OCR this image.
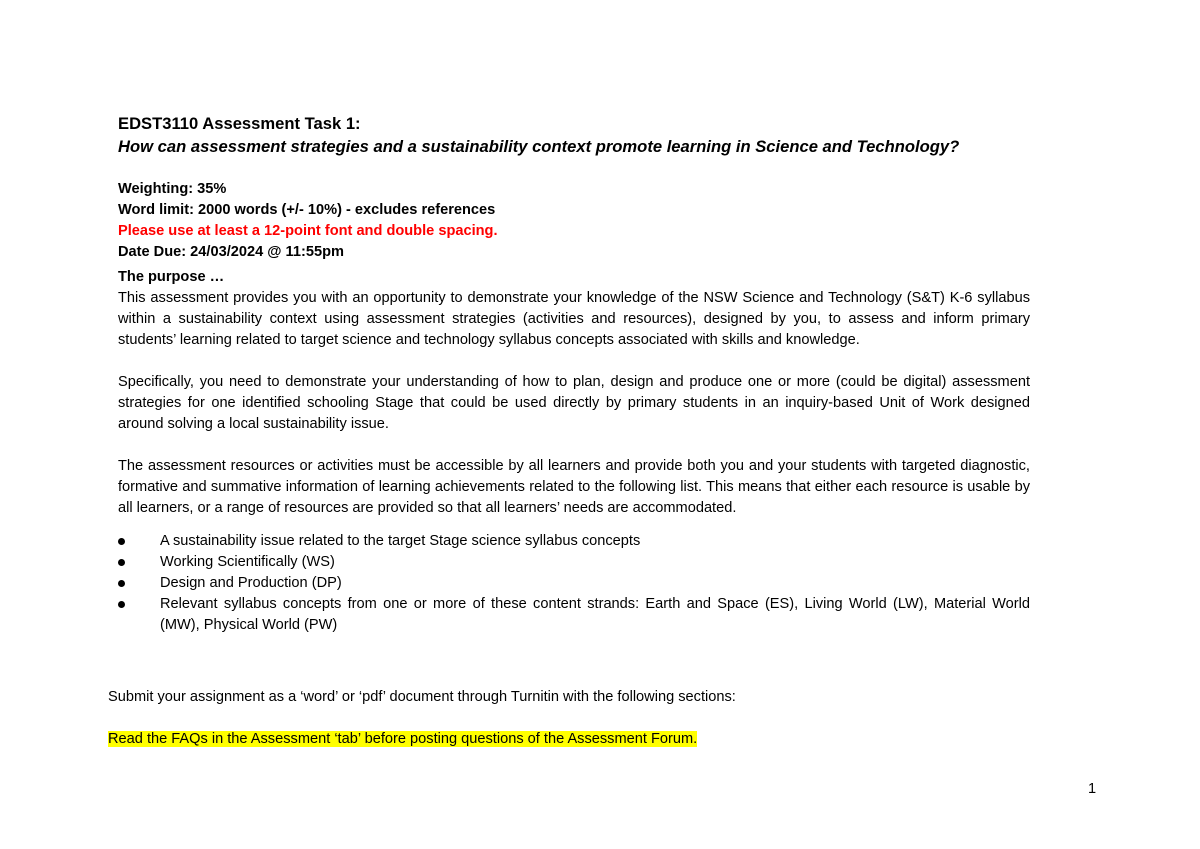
EDST3110 Assessment Task 1:
How can assessment strategies and a sustainability context promote learning in Science and Technology?
Weighting: 35%
Word limit: 2000 words (+/- 10%) - excludes references
Please use at least a 12-point font and double spacing.
Date Due: 24/03/2024 @ 11:55pm
The purpose …
This assessment provides you with an opportunity to demonstrate your knowledge of the NSW Science and Technology (S&T) K-6 syllabus within a sustainability context using assessment strategies (activities and resources), designed by you, to assess and inform primary students’ learning related to target science and technology syllabus concepts associated with skills and knowledge.
Specifically, you need to demonstrate your understanding of how to plan, design and produce one or more (could be digital) assessment strategies for one identified schooling Stage that could be used directly by primary students in an inquiry-based Unit of Work designed around solving a local sustainability issue.
The assessment resources or activities must be accessible by all learners and provide both you and your students with targeted diagnostic, formative and summative information of learning achievements related to the following list. This means that either each resource is usable by all learners, or a range of resources are provided so that all learners’ needs are accommodated.
A sustainability issue related to the target Stage science syllabus concepts
Working Scientifically (WS)
Design and Production (DP)
Relevant syllabus concepts from one or more of these content strands: Earth and Space (ES), Living World (LW), Material World (MW), Physical World (PW)
Submit your assignment as a ‘word’ or ‘pdf’ document through Turnitin with the following sections:
Read the FAQs in the Assessment ‘tab’ before posting questions of the Assessment Forum.
1
